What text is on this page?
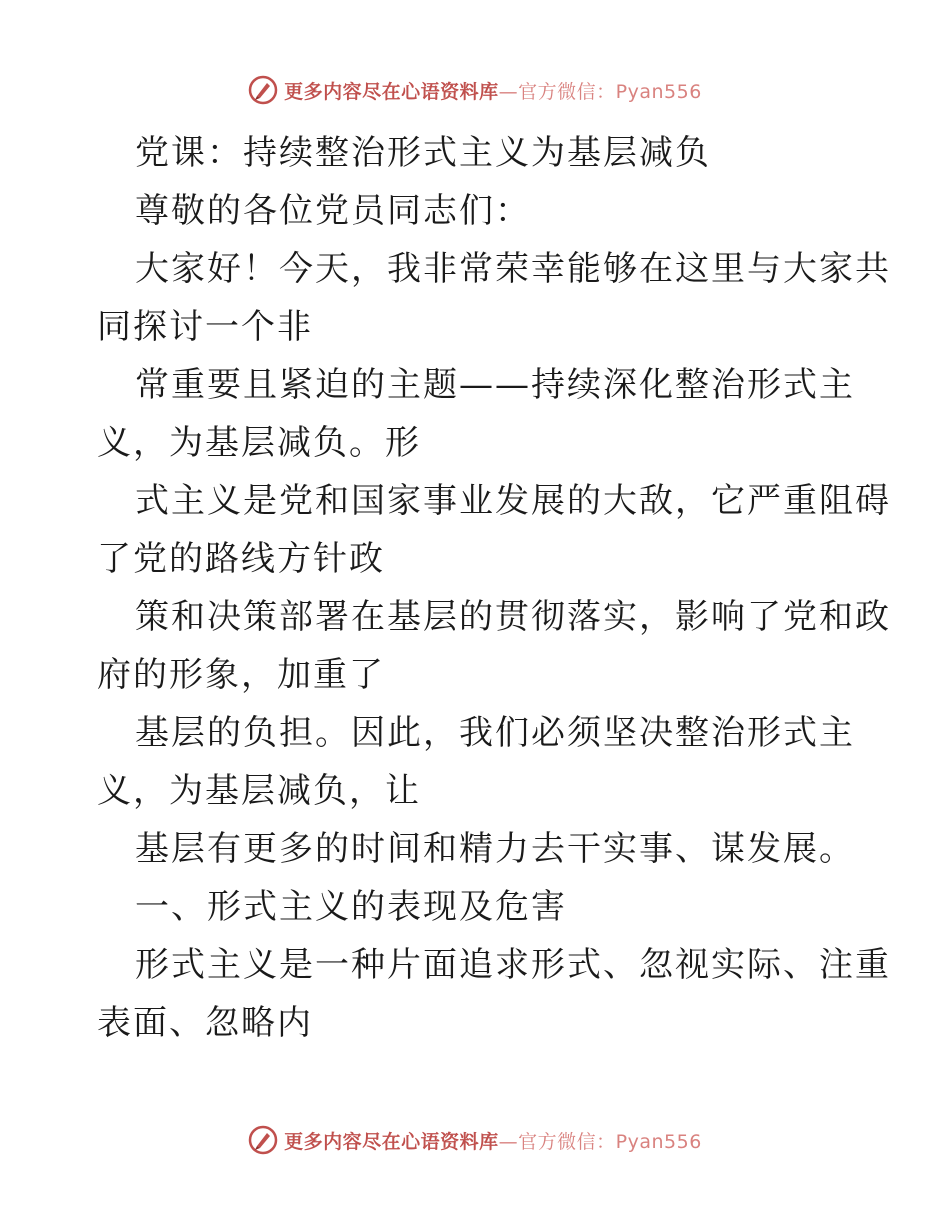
更多内容尽在心语资料库—官方微信：Pyan556
党课：持续整治形式主义为基层减负
尊敬的各位党员同志们：
大家好！今天，我非常荣幸能够在这里与大家共
同探讨一个非
常重要且紧迫的主题——持续深化整治形式主
义，为基层减负。形
式主义是党和国家事业发展的大敌，它严重阻碍
了党的路线方针政
策和决策部署在基层的贯彻落实，影响了党和政
府的形象，加重了
基层的负担。因此，我们必须坚决整治形式主
义，为基层减负，让
基层有更多的时间和精力去干实事、谋发展。
一、形式主义的表现及危害
形式主义是一种片面追求形式、忽视实际、注重
表面、忽略内
更多内容尽在心语资料库—官方微信：Pyan556
